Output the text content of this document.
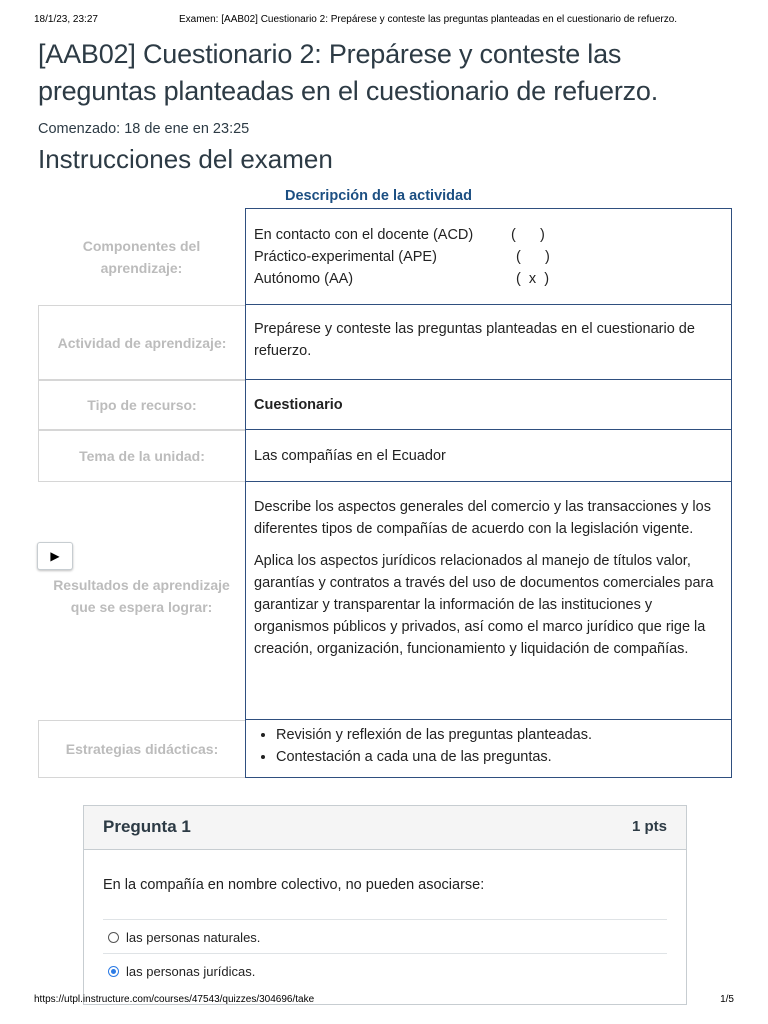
18/1/23, 23:27	Examen: [AAB02] Cuestionario 2: Prepárese y conteste las preguntas planteadas en el cuestionario de refuerzo.
[AAB02] Cuestionario 2: Prepárese y conteste las preguntas planteadas en el cuestionario de refuerzo.
Comenzado: 18 de ene en 23:25
Instrucciones del examen
Descripción de la actividad
Componentes del aprendizaje:
En contacto con el docente (ACD)	(      )
Práctico-experimental (APE)	(      )
Autónomo (AA)	(  x  )
Actividad de aprendizaje:
Prepárese y conteste las preguntas planteadas en el cuestionario de refuerzo.
Tipo de recurso:	Cuestionario
Tema de la unidad:	Las compañías en el Ecuador
Resultados de aprendizaje que se espera lograr:
Describe los aspectos generales del comercio y las transacciones y los diferentes tipos de compañías de acuerdo con la legislación vigente.
Aplica los aspectos jurídicos relacionados al manejo de títulos valor, garantías y contratos a través del uso de documentos comerciales para garantizar y transparentar la información de las instituciones y organismos públicos y privados, así como el marco jurídico que rige la creación, organización, funcionamiento y liquidación de compañías.
Estrategias didácticas:
• Revisión y reflexión de las preguntas planteadas.
• Contestación a cada una de las preguntas.
▶
Pregunta 1	1 pts
En la compañía en nombre colectivo, no pueden asociarse:
las personas naturales.
las personas jurídicas.
https://utpl.instructure.com/courses/47543/quizzes/304696/take	1/5
